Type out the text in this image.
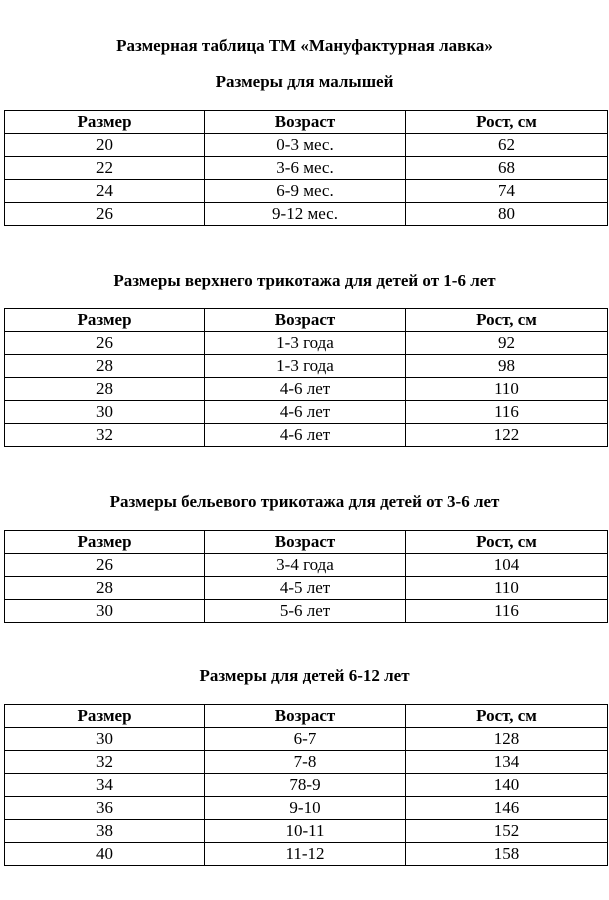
Размерная таблица ТМ «Мануфактурная лавка»
Размеры для малышей
Размер	Возраст	Рост, см
20	0-3 мес.	62
22	3-6 мес.	68
24	6-9 мес.	74
26	9-12 мес.	80
Размеры верхнего трикотажа для детей от 1-6 лет
Размер	Возраст	Рост, см
26	1-3 года	92
28	1-3 года	98
28	4-6 лет	110
30	4-6 лет	116
32	4-6 лет	122
Размеры бельевого трикотажа для детей от 3-6 лет
Размер	Возраст	Рост, см
26	3-4 года	104
28	4-5 лет	110
30	5-6 лет	116
Размеры для детей 6-12 лет
Размер	Возраст	Рост, см
30	6-7	128
32	7-8	134
34	78-9	140
36	9-10	146
38	10-11	152
40	11-12	158
